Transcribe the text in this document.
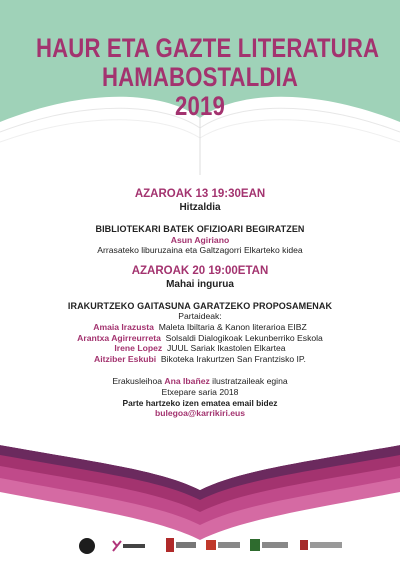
HAUR ETA GAZTE LITERATURA
HAMABOSTALDIA
2019
AZAROAK 13 19:30EAN
Hitzaldia
BIBLIOTEKARI BATEK OFIZIOARI BEGIRATZEN
Asun Agiriano
Arrasateko liburuzaina eta Galtzagorri Elkarteko kidea
AZAROAK 20 19:00ETAN
Mahai ingurua
IRAKURTZEKO GAITASUNA GARATZEKO PROPOSAMENAK
Partaideak:
Amaia Irazusta Maleta Ibiltaria & Kanon literarioa EIBZ
Arantxa Agirreurreta Solsaldi Dialogikoak Lekunberriko Eskola
Irene Lopez JUUL Sariak Ikastolen Elkartea
Aitziber Eskubi Bikoteka Irakurtzen San Frantzisko IP.
Erakusleihoa Ana Ibañez ilustratzaileak egina
Etxepare saria 2018
Parte hartzeko izen ematea email bidez
bulegoa@karrikiri.eus
